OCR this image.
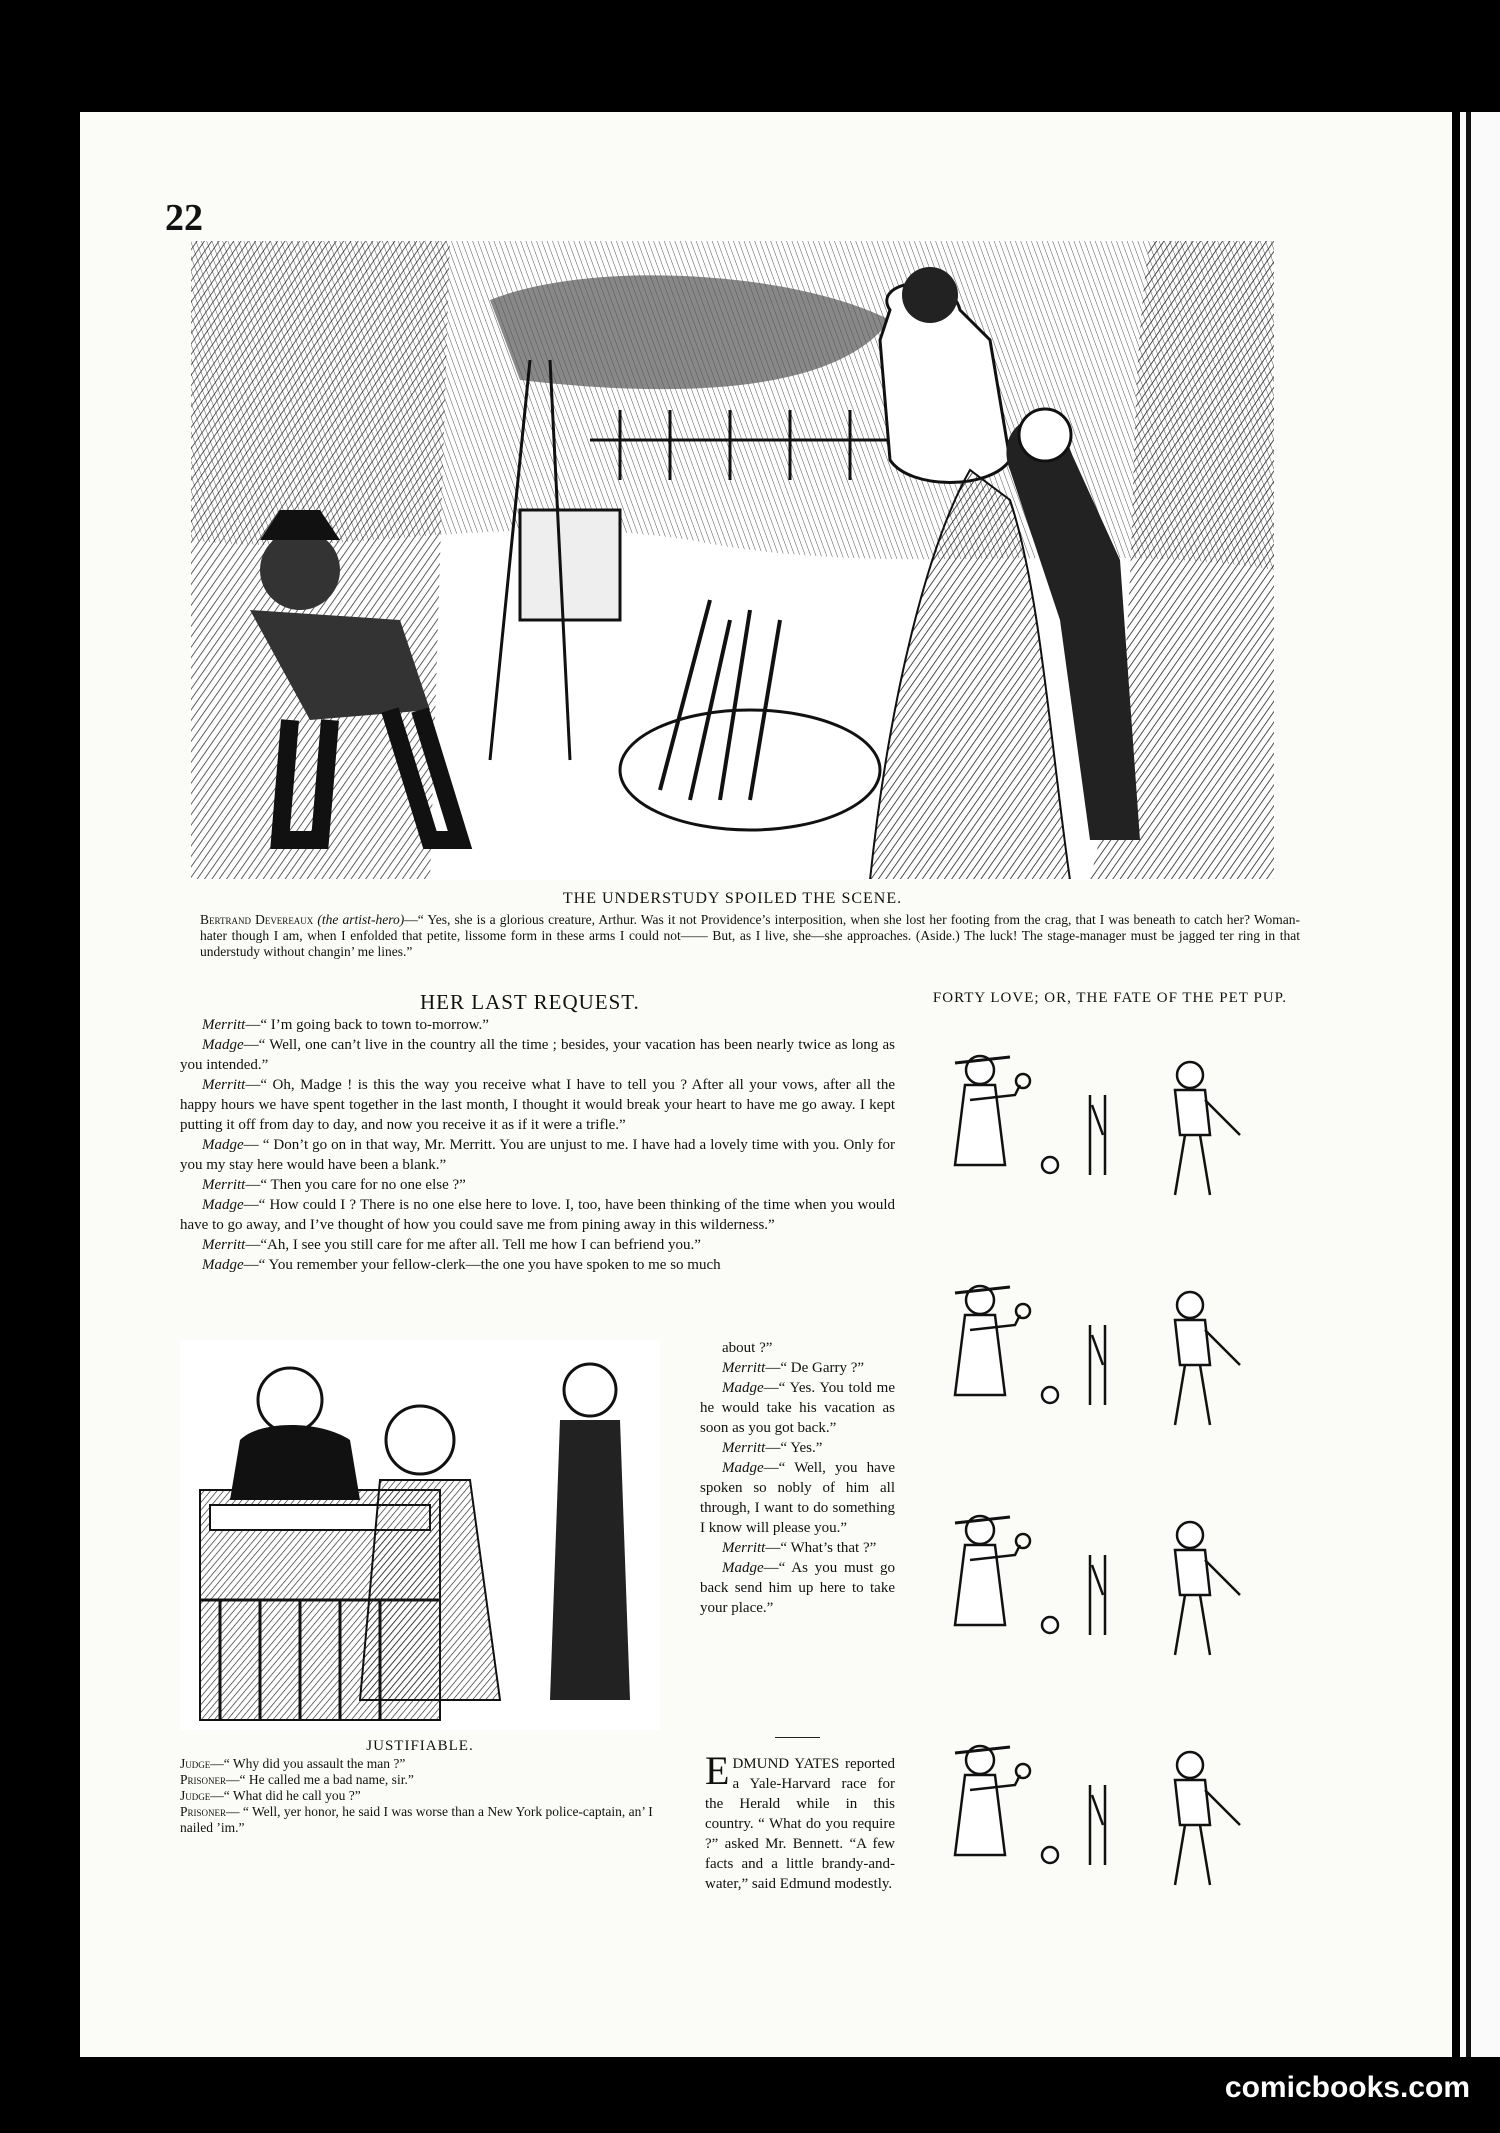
22
THE UNDERSTUDY SPOILED THE SCENE.
Bertrand Devereaux (the artist-hero)—“ Yes, she is a glorious creature, Arthur. Was it not Providence’s interposition, when she lost her footing from the crag, that I was beneath to catch her? Woman-hater though I am, when I enfolded that petite, lissome form in these arms I could not—— But, as I live, she—she approaches. (Aside.) The luck! The stage-manager must be jagged ter ring in that understudy without changin’ me lines.”
HER LAST REQUEST.

Merritt—“ I’m going back to town to-morrow.”

Madge—“ Well, one can’t live in the country all the time ; besides, your vacation has been nearly twice as long as you intended.”

Merritt—“ Oh, Madge ! is this the way you receive what I have to tell you ? After all your vows, after all the happy hours we have spent together in the last month, I thought it would break your heart to have me go away. I kept putting it off from day to day, and now you receive it as if it were a trifle.”

Madge— “ Don’t go on in that way, Mr. Merritt. You are unjust to me. I have had a lovely time with you. Only for you my stay here would have been a blank.”

Merritt—“ Then you care for no one else ?”

Madge—“ How could I ? There is no one else here to love. I, too, have been thinking of the time when you would have to go away, and I’ve thought of how you could save me from pining away in this wilderness.”

Merritt—“Ah, I see you still care for me after all. Tell me how I can befriend you.”

Madge—“ You remember your fellow-clerk—the one you have spoken to me so much

about ?”

Merritt—“ De Garry ?”

Madge—“ Yes. You told me he would take his vacation as soon as you got back.”

Merritt—“ Yes.”

Madge—“ Well, you have spoken so nobly of him all through, I want to do something I know will please you.”

Merritt—“ What’s that ?”

Madge—“ As you must go back send him up here to take your place.”

JUSTIFIABLE.
Judge—“ Why did you assault the man ?”
Prisoner—“ He called me a bad name, sir.”
Judge—“ What did he call you ?”
Prisoner— “ Well, yer honor, he said I was worse than a New York police-captain, an’ I nailed ’im.”
EDMUND YATES reported a Yale-Harvard race for the Herald while in this country. “ What do you require ?” asked Mr. Bennett. “A few facts and a little brandy-and-water,” said Edmund modestly.
FORTY LOVE; OR, THE FATE OF THE PET PUP.
comicbooks.com
